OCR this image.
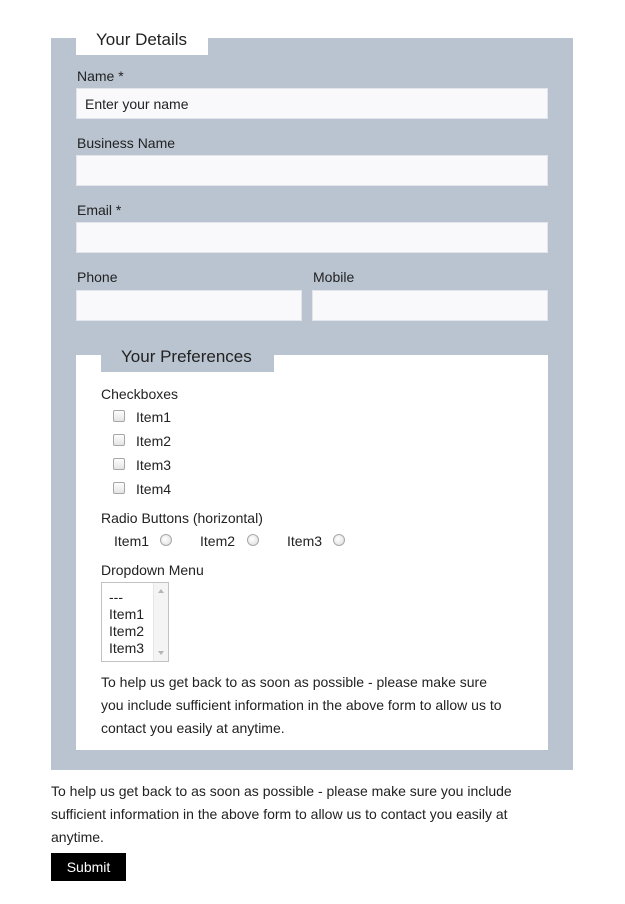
Your Details
Name *
Enter your name
Business Name
Email *
Phone	Mobile
Your Preferences
Checkboxes
Item1
Item2
Item3
Item4
Radio Buttons (horizontal)
Item1	Item2	Item3
Dropdown Menu
---
Item1
Item2
Item3
To help us get back to as soon as possible - please make sure
you include sufficient information in the above form to allow us to
contact you easily at anytime.
To help us get back to as soon as possible - please make sure you include
sufficient information in the above form to allow us to contact you easily at
anytime.
Submit
